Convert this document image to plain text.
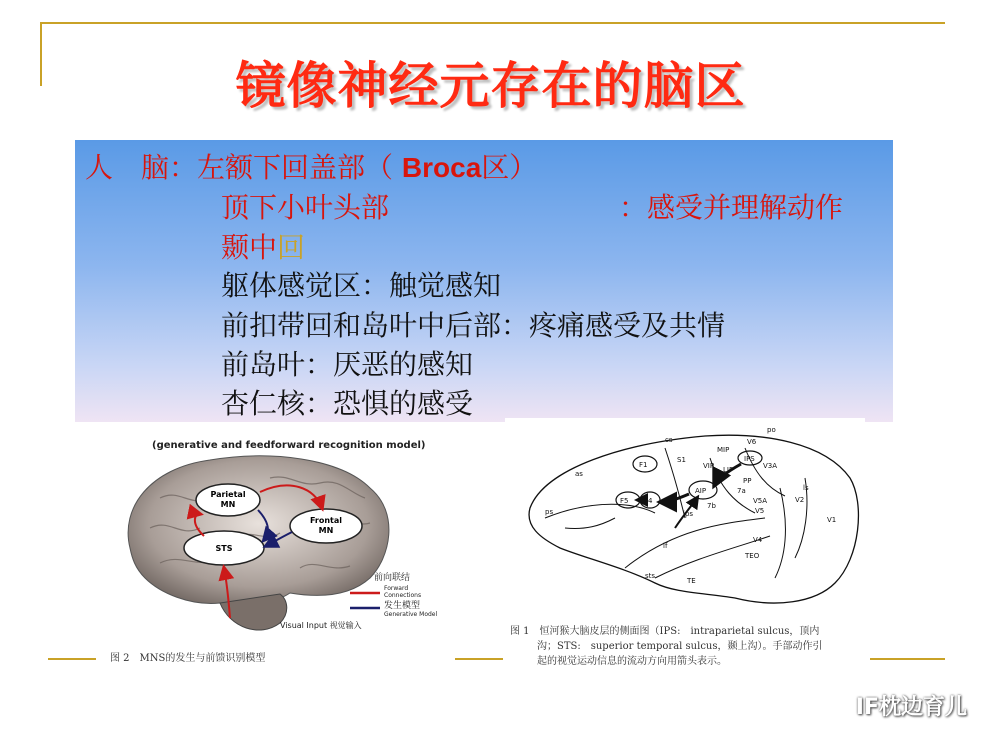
镜像神经元存在的脑区
人　脑：左额下回盖部（ Broca区）
顶下小叶头部	：感受并理解动作
颞中回
躯体感觉区：触觉感知
前扣带回和岛叶中后部：疼痛感受及共情
前岛叶：厌恶的感知
杏仁核：恐惧的感受
(generative and feedforward recognition model)
Parietal
MN
Frontal
MN
STS
前向联结
Forward
Connections
发生模型
Generative Model
Visual Input 视觉输入
图 2　MNS的发生与前馈识别模型
cs
po
V6
MIP
IPS
S1
VIP LIP	V3A
F1
as
F5 F4
AIP
PP
7a	ls
V2
ps	ips
7b
V5A
V5
V1
lf
V4
sts
TEO
TE
图 1　恒河猴大脑皮层的侧面图（IPS:　intraparietal sulcus，顶内
沟；STS:　superior temporal sulcus，颞上沟）。手部动作引
起的视觉运动信息的流动方向用箭头表示。
IF枕边育儿
